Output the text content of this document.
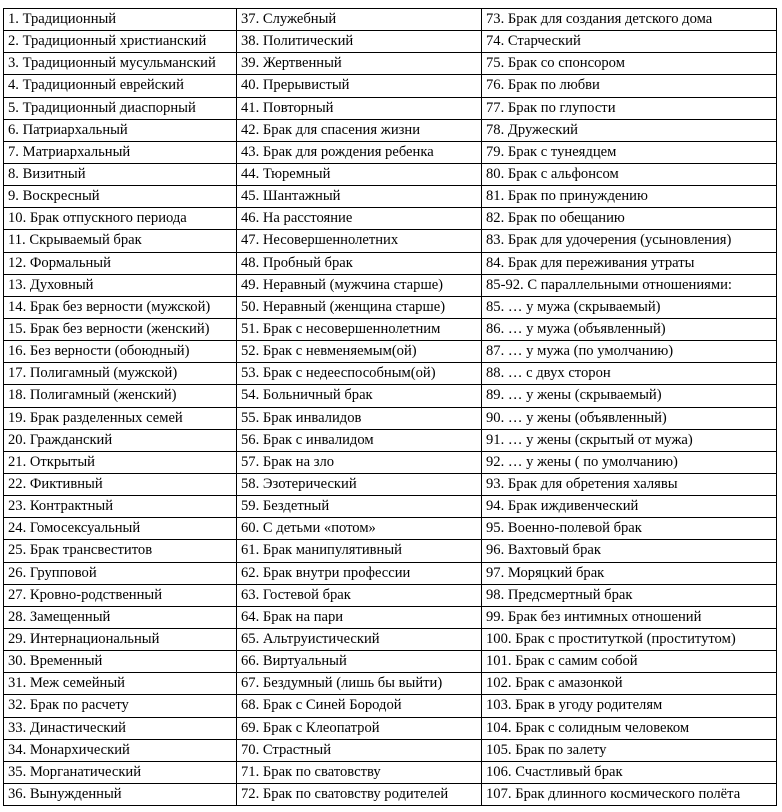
1. Традиционный	37. Служебный	73. Брак для создания детского дома
2. Традиционный христианский	38. Политический	74. Старческий
3. Традиционный мусульманский	39. Жертвенный	75. Брак со спонсором
4. Традиционный еврейский	40. Прерывистый	76. Брак по любви
5. Традиционный диаспорный	41. Повторный	77. Брак по глупости
6. Патриархальный	42. Брак для спасения жизни	78. Дружеский
7. Матриархальный	43. Брак для рождения ребенка	79. Брак с тунеядцем
8. Визитный	44. Тюремный	80. Брак с альфонсом
9. Воскресный	45. Шантажный	81. Брак по принуждению
10. Брак отпускного периода	46. На расстояние	82. Брак по обещанию
11. Скрываемый брак	47. Несовершеннолетних	83. Брак для удочерения (усыновления)
12. Формальный	48. Пробный брак	84. Брак для переживания утраты
13. Духовный	49. Неравный (мужчина старше)	85-92. С параллельными отношениями:
14. Брак без верности (мужской)	50. Неравный (женщина старше)	85. … у мужа (скрываемый)
15. Брак без верности (женский)	51. Брак с несовершеннолетним	86. … у мужа (объявленный)
16. Без верности (обоюдный)	52. Брак с невменяемым(ой)	87. … у мужа (по умолчанию)
17. Полигамный (мужской)	53. Брак с недееспособным(ой)	88. … с двух сторон
18. Полигамный (женский)	54. Больничный брак	89. … у жены (скрываемый)
19. Брак разделенных семей	55. Брак инвалидов	90. … у жены (объявленный)
20. Гражданский	56. Брак с инвалидом	91. … у жены (скрытый от мужа)
21. Открытый	57. Брак на зло	92. … у жены ( по умолчанию)
22. Фиктивный	58. Эзотерический	93. Брак для обретения халявы
23. Контрактный	59. Бездетный	94. Брак иждивенческий
24. Гомосексуальный	60. С детьми «потом»	95. Военно-полевой брак
25. Брак трансвеститов	61. Брак манипулятивный	96. Вахтовый брак
26. Групповой	62. Брак внутри профессии	97. Моряцкий брак
27. Кровно-родственный	63. Гостевой брак	98. Предсмертный брак
28. Замещенный	64. Брак на пари	99. Брак без интимных отношений
29. Интернациональный	65. Альтруистический	100. Брак с проституткой (проститутом)
30. Временный	66. Виртуальный	101. Брак с самим собой
31. Меж семейный	67. Бездумный (лишь бы выйти)	102. Брак с амазонкой
32. Брак по расчету	68. Брак с Синей Бородой	103. Брак в угоду родителям
33. Династический	69. Брак с Клеопатрой	104. Брак с солидным человеком
34. Монархический	70. Страстный	105. Брак по залету
35. Морганатический	71. Брак по сватовству	106. Счастливый брак
36. Вынужденный	72. Брак по сватовству родителей	107. Брак длинного космического полёта
